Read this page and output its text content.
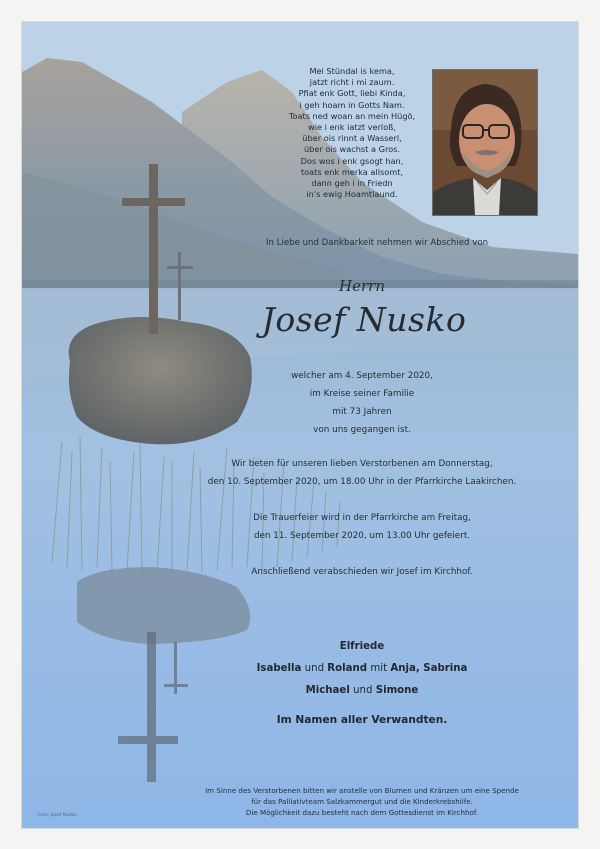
Mei Stündal is kema,
jatzt richt i mi zaum.
Pfiat enk Gott, liebi Kinda,
i geh hoam in Gotts Nam.
Toats ned woan an mein Hügö,
wie i enk iatzt verloß,
über ois rinnt a Wasserl,
über ois wachst a Gros.
Dos wos i enk gsogt han,
toats enk merka allsomt,
dann geh i in Friedn
in's ewig Hoamtlaund.
In Liebe und Dankbarkeit nehmen wir Abschied von
Herrn
Josef Nusko
welcher am 4. September 2020,
im Kreise seiner Familie
mit 73 Jahren
von uns gegangen ist.
Wir beten für unseren lieben Verstorbenen am Donnerstag,
den 10. September 2020, um 18.00 Uhr in der Pfarrkirche Laakirchen.
Die Trauerfeier wird in der Pfarrkirche am Freitag,
den 11. September 2020, um 13.00 Uhr gefeiert.
Anschließend verabschieden wir Josef im Kirchhof.
Elfriede
Isabella und Roland mit Anja, Sabrina
Michael und Simone
Im Namen aller Verwandten.
Im Sinne des Verstorbenen bitten wir anstelle von Blumen und Kränzen um eine Spende
für das Palliativteam Salzkammergut und die Kinderkrebshilfe.
Die Möglichkeit dazu besteht nach dem Gottesdienst im Kirchhof.
Foto: Josef Nusko
